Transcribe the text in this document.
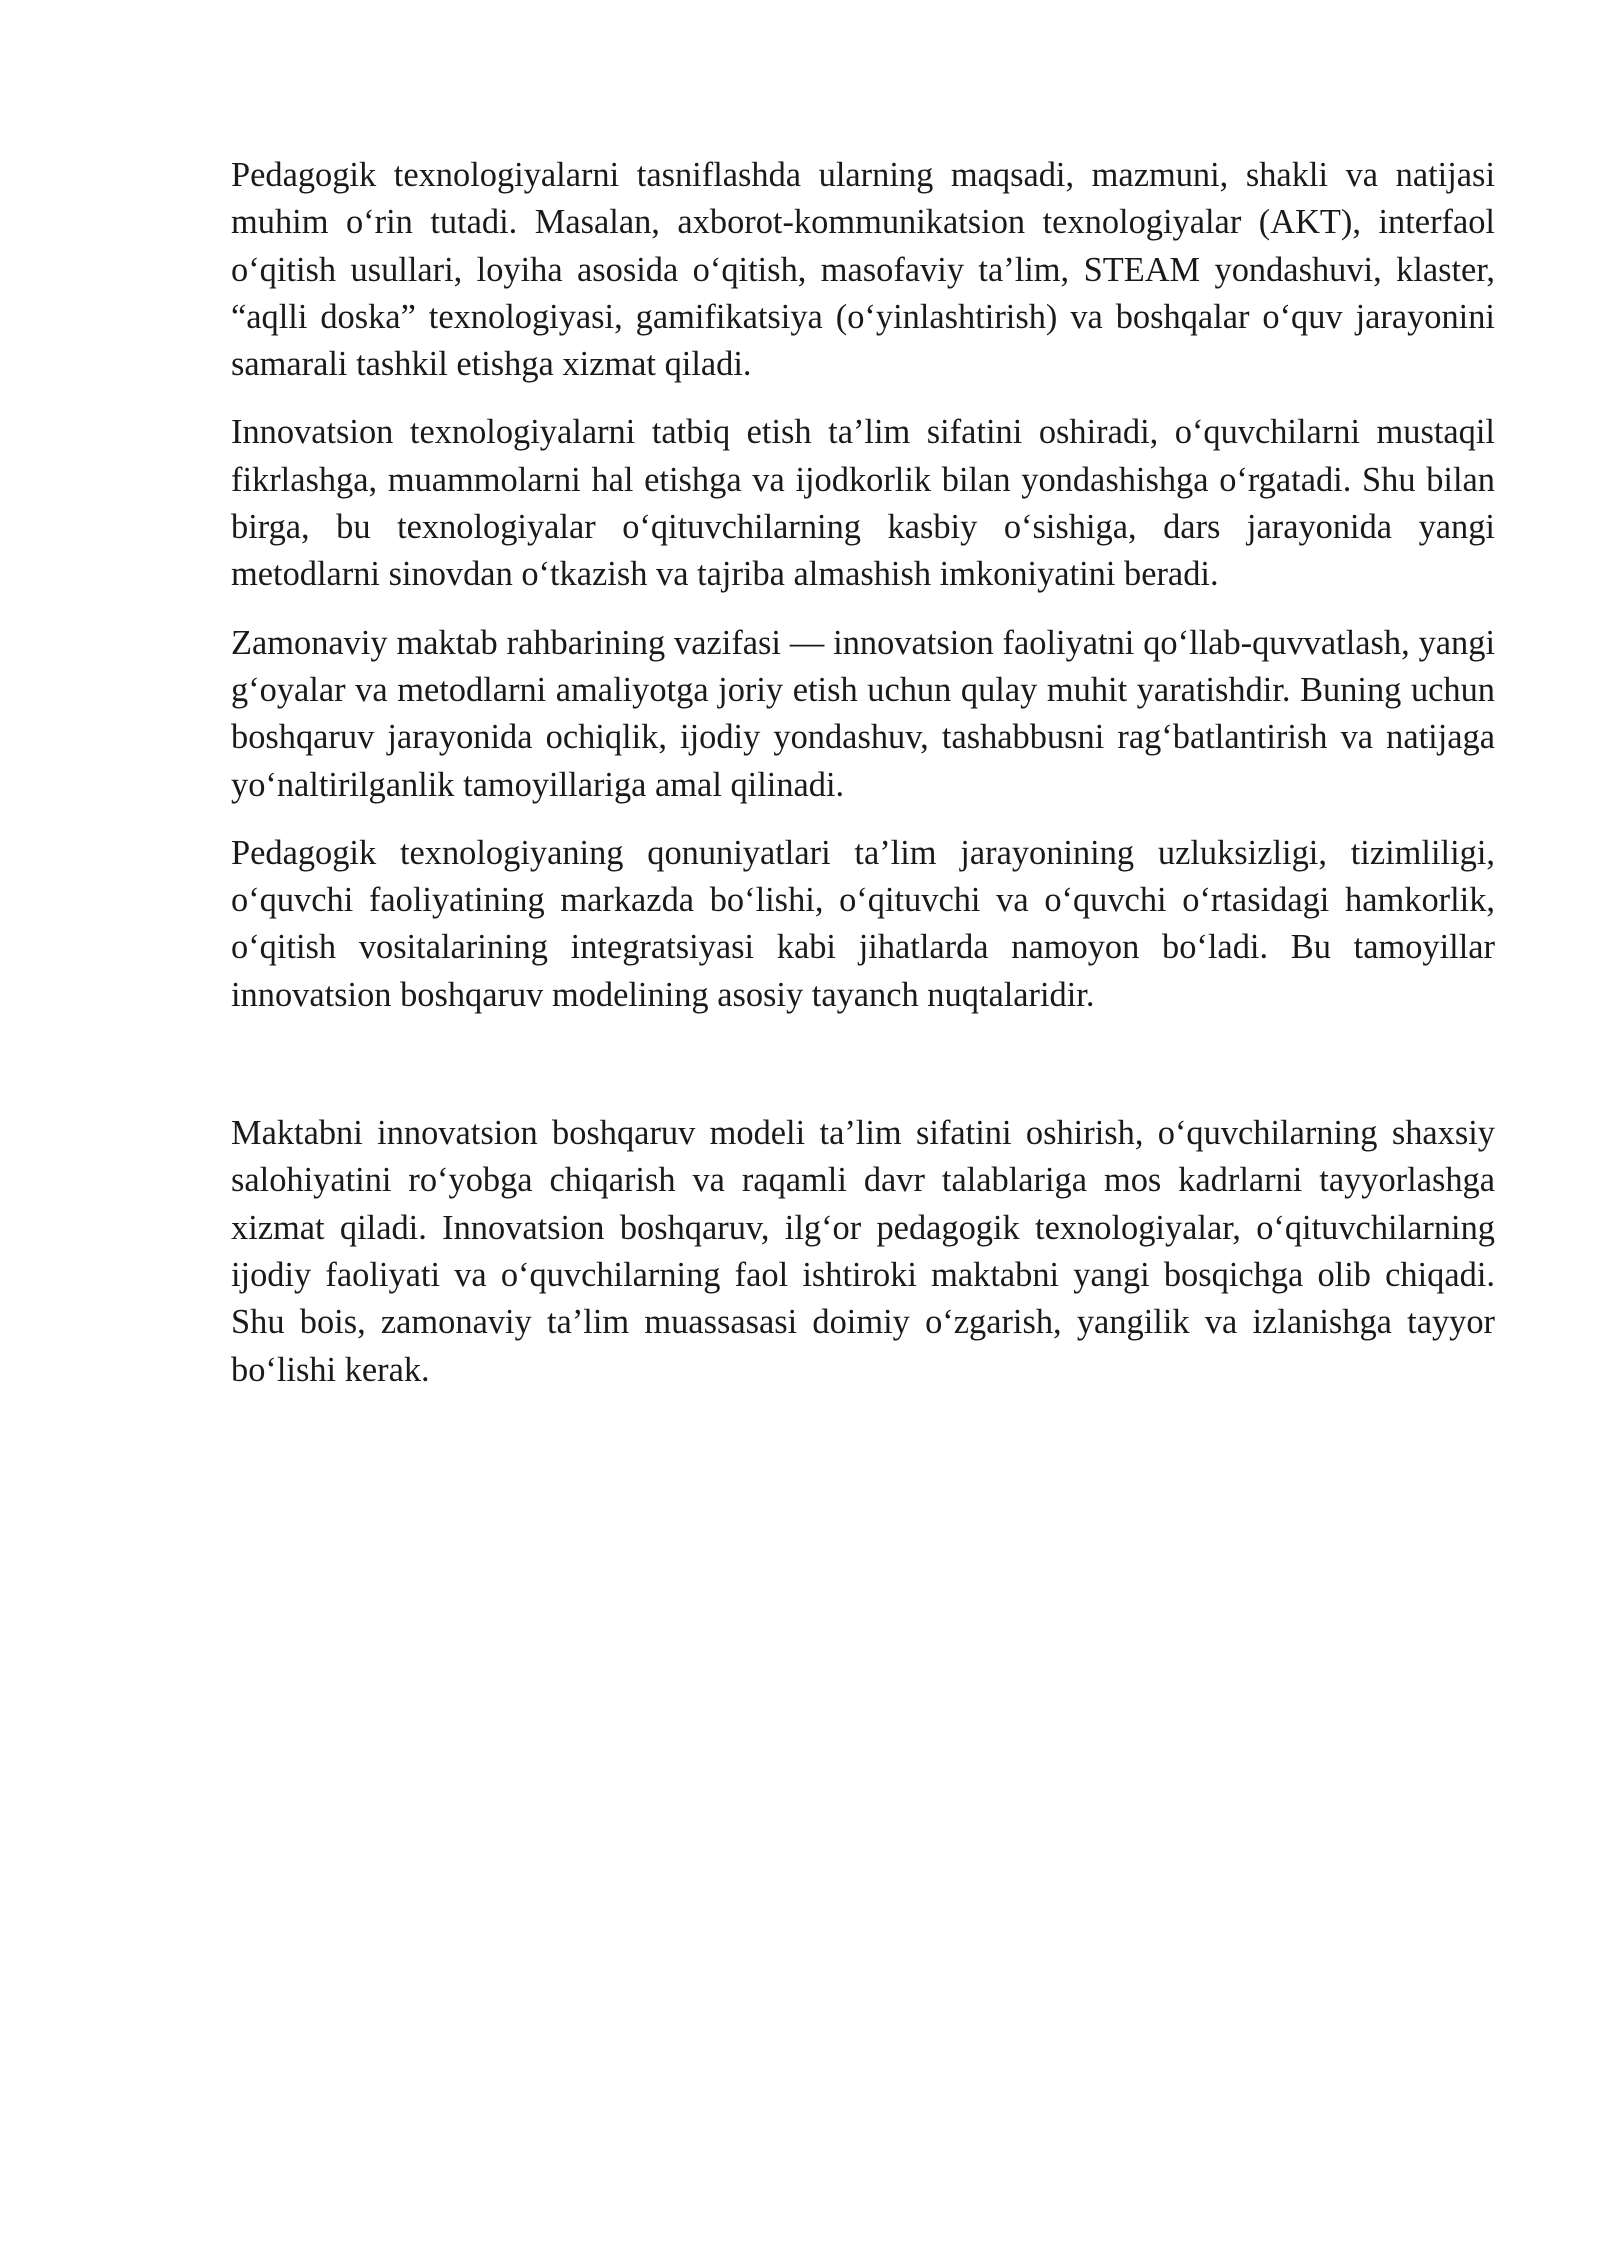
Pedagogik texnologiyalarni tasniflashda ularning maqsadi, mazmuni, shakli va natijasi muhim o‘rin tutadi. Masalan, axborot-kommunikatsion texnologiyalar (AKT), interfaol o‘qitish usullari, loyiha asosida o‘qitish, masofaviy ta’lim, STEAM yondashuvi, klaster, “aqlli doska” texnologiyasi, gamifikatsiya (o‘yinlashtirish) va boshqalar o‘quv jarayonini samarali tashkil etishga xizmat qiladi.

Innovatsion texnologiyalarni tatbiq etish ta’lim sifatini oshiradi, o‘quvchilarni mustaqil fikrlashga, muammolarni hal etishga va ijodkorlik bilan yondashishga o‘rgatadi. Shu bilan birga, bu texnologiyalar o‘qituvchilarning kasbiy o‘sishiga, dars jarayonida yangi metodlarni sinovdan o‘tkazish va tajriba almashish imkoniyatini beradi.

Zamonaviy maktab rahbarining vazifasi — innovatsion faoliyatni qo‘llab-quvvatlash, yangi g‘oyalar va metodlarni amaliyotga joriy etish uchun qulay muhit yaratishdir. Buning uchun boshqaruv jarayonida ochiqlik, ijodiy yondashuv, tashabbusni rag‘batlantirish va natijaga yo‘naltirilganlik tamoyillariga amal qilinadi.

Pedagogik texnologiyaning qonuniyatlari ta’lim jarayonining uzluksizligi, tizimliligi, o‘quvchi faoliyatining markazda bo‘lishi, o‘qituvchi va o‘quvchi o‘rtasidagi hamkorlik, o‘qitish vositalarining integratsiyasi kabi jihatlarda namoyon bo‘ladi. Bu tamoyillar innovatsion boshqaruv modelining asosiy tayanch nuqtalaridir.

Maktabni innovatsion boshqaruv modeli ta’lim sifatini oshirish, o‘quvchilarning shaxsiy salohiyatini ro‘yobga chiqarish va raqamli davr talablariga mos kadrlarni tayyorlashga xizmat qiladi. Innovatsion boshqaruv, ilg‘or pedagogik texnologiyalar, o‘qituvchilarning ijodiy faoliyati va o‘quvchilarning faol ishtiroki maktabni yangi bosqichga olib chiqadi. Shu bois, zamonaviy ta’lim muassasasi doimiy o‘zgarish, yangilik va izlanishga tayyor bo‘lishi kerak.
